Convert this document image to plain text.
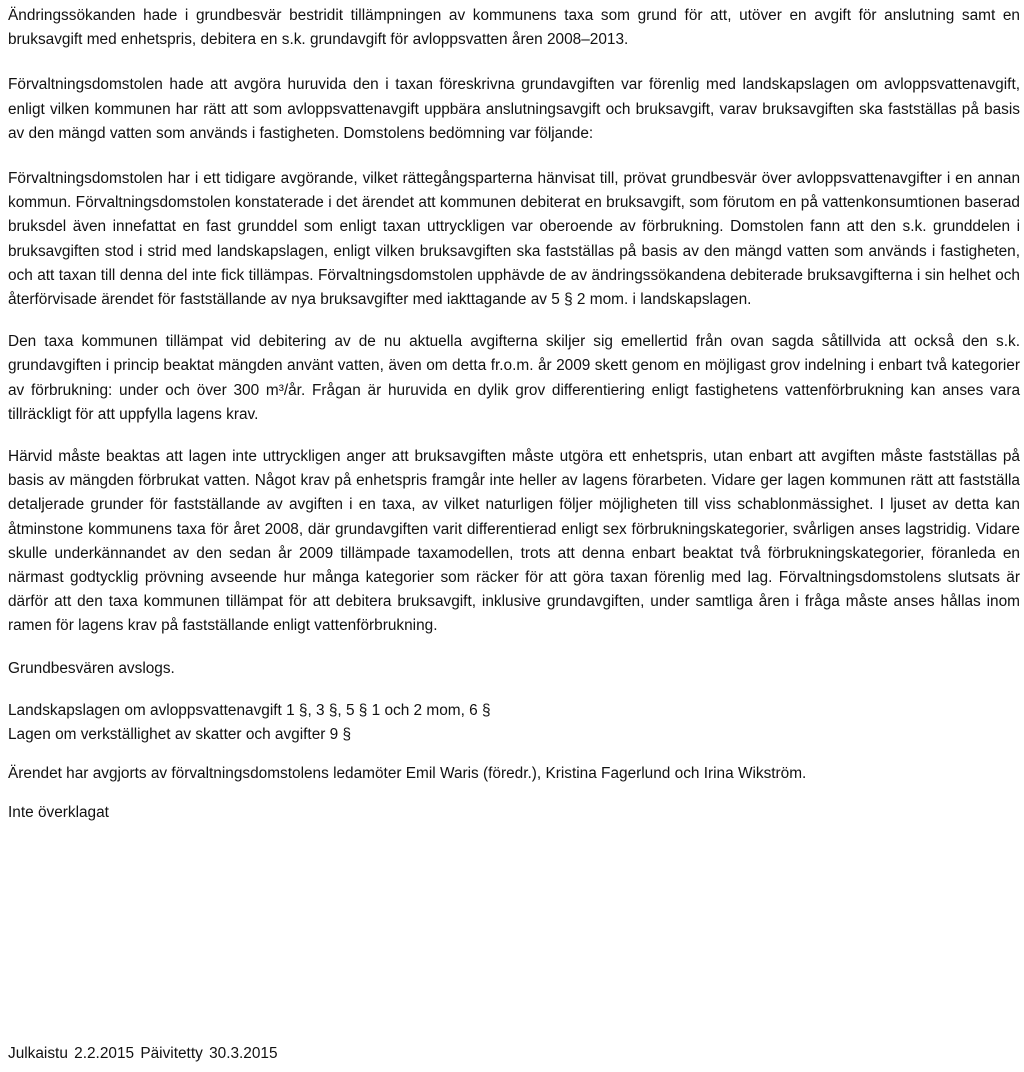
Ändringssökanden hade i grundbesvär bestridit tillämpningen av kommunens taxa som grund för att, utöver en avgift för anslutning samt en bruksavgift med enhetspris, debitera en s.k. grundavgift för avloppsvatten åren 2008–2013.

Förvaltningsdomstolen hade att avgöra huruvida den i taxan föreskrivna grundavgiften var förenlig med landskapslagen om avloppsvattenavgift, enligt vilken kommunen har rätt att som avloppsvattenavgift uppbära anslutningsavgift och bruksavgift, varav bruksavgiften ska fastställas på basis av den mängd vatten som används i fastigheten. Domstolens bedömning var följande:

Förvaltningsdomstolen har i ett tidigare avgörande, vilket rättegångsparterna hänvisat till, prövat grundbesvär över avloppsvattenavgifter i en annan kommun. Förvaltningsdomstolen konstaterade i det ärendet att kommunen debiterat en bruksavgift, som förutom en på vattenkonsumtionen baserad bruksdel även innefattat en fast grunddel som enligt taxan uttryckligen var oberoende av förbrukning. Domstolen fann att den s.k. grunddelen i bruksavgiften stod i strid med landskapslagen, enligt vilken bruksavgiften ska fastställas på basis av den mängd vatten som används i fastigheten, och att taxan till denna del inte fick tillämpas. Förvaltningsdomstolen upphävde de av ändringssökandena debiterade bruksavgifterna i sin helhet och återförvisade ärendet för fastställande av nya bruksavgifter med iakttagande av 5 § 2 mom. i landskapslagen.

Den taxa kommunen tillämpat vid debitering av de nu aktuella avgifterna skiljer sig emellertid från ovan sagda såtillvida att också den s.k. grundavgiften i princip beaktat mängden använt vatten, även om detta fr.o.m. år 2009 skett genom en möjligast grov indelning i enbart två kategorier av förbrukning: under och över 300 m³/år. Frågan är huruvida en dylik grov differentiering enligt fastighetens vattenförbrukning kan anses vara tillräckligt för att uppfylla lagens krav.

Härvid måste beaktas att lagen inte uttryckligen anger att bruksavgiften måste utgöra ett enhetspris, utan enbart att avgiften måste fastställas på basis av mängden förbrukat vatten. Något krav på enhetspris framgår inte heller av lagens förarbeten. Vidare ger lagen kommunen rätt att fastställa detaljerade grunder för fastställande av avgiften i en taxa, av vilket naturligen följer möjligheten till viss schablonmässighet. I ljuset av detta kan åtminstone kommunens taxa för året 2008, där grundavgiften varit differentierad enligt sex förbrukningskategorier, svårligen anses lagstridig. Vidare skulle underkännandet av den sedan år 2009 tillämpade taxamodellen, trots att denna enbart beaktat två förbrukningskategorier, föranleda en närmast godtycklig prövning avseende hur många kategorier som räcker för att göra taxan förenlig med lag. Förvaltningsdomstolens slutsats är därför att den taxa kommunen tillämpat för att debitera bruksavgift, inklusive grundavgiften, under samtliga åren i fråga måste anses hållas inom ramen för lagens krav på fastställande enligt vattenförbrukning.

Grundbesvären avslogs.

Landskapslagen om avloppsvattenavgift 1 §, 3 §, 5 § 1 och 2 mom, 6 §

Lagen om verkställighet av skatter och avgifter 9 §

Ärendet har avgjorts av förvaltningsdomstolens ledamöter Emil Waris (föredr.), Kristina Fagerlund och Irina Wikström.

Inte överklagat

Julkaistu 2.2.2015 Päivitetty 30.3.2015
